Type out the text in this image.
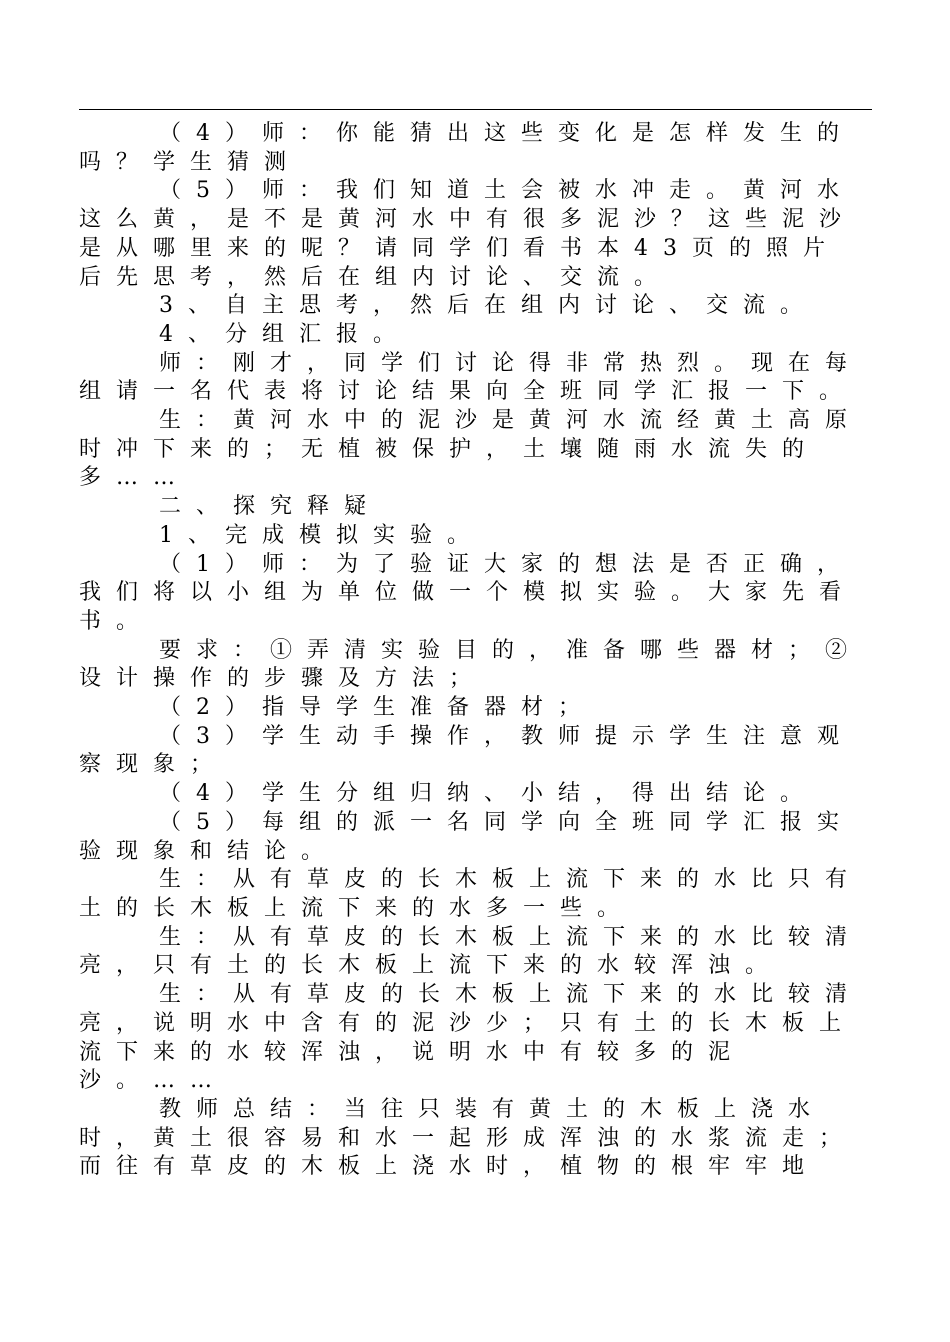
（4）师：你能猜出这些变化是怎样发生的吗？学生猜测

（5）师：我们知道土会被水冲走。黄河水这么黄，是不是黄河水中有很多泥沙？这些泥沙是从哪里来的呢？请同学们看书本43页的照片后先思考，然后在组内讨论、交流。

3、自主思考，然后在组内讨论、交流。

4、分组汇报。

师：刚才，同学们讨论得非常热烈。现在每组请一名代表将讨论结果向全班同学汇报一下。

生：黄河水中的泥沙是黄河水流经黄土高原时冲下来的；无植被保护，土壤随雨水流失的多……

二、探究释疑

1、完成模拟实验。

（1）师：为了验证大家的想法是否正确，我们将以小组为单位做一个模拟实验。大家先看书。

要求：①弄清实验目的，准备哪些器材；②设计操作的步骤及方法；

（2）指导学生准备器材；

（3）学生动手操作，教师提示学生注意观察现象；

（4）学生分组归纳、小结，得出结论。

（5）每组的派一名同学向全班同学汇报实验现象和结论。

生：从有草皮的长木板上流下来的水比只有土的长木板上流下来的水多一些。

生：从有草皮的长木板上流下来的水比较清亮，只有土的长木板上流下来的水较浑浊。

生：从有草皮的长木板上流下来的水比较清亮，说明水中含有的泥沙少；只有土的长木板上流下来的水较浑浊，说明水中有较多的泥沙。……

教师总结：当往只装有黄土的木板上浇水时，黄土很容易和水一起形成浑浊的水浆流走；而往有草皮的木板上浇水时，植物的根牢牢地
